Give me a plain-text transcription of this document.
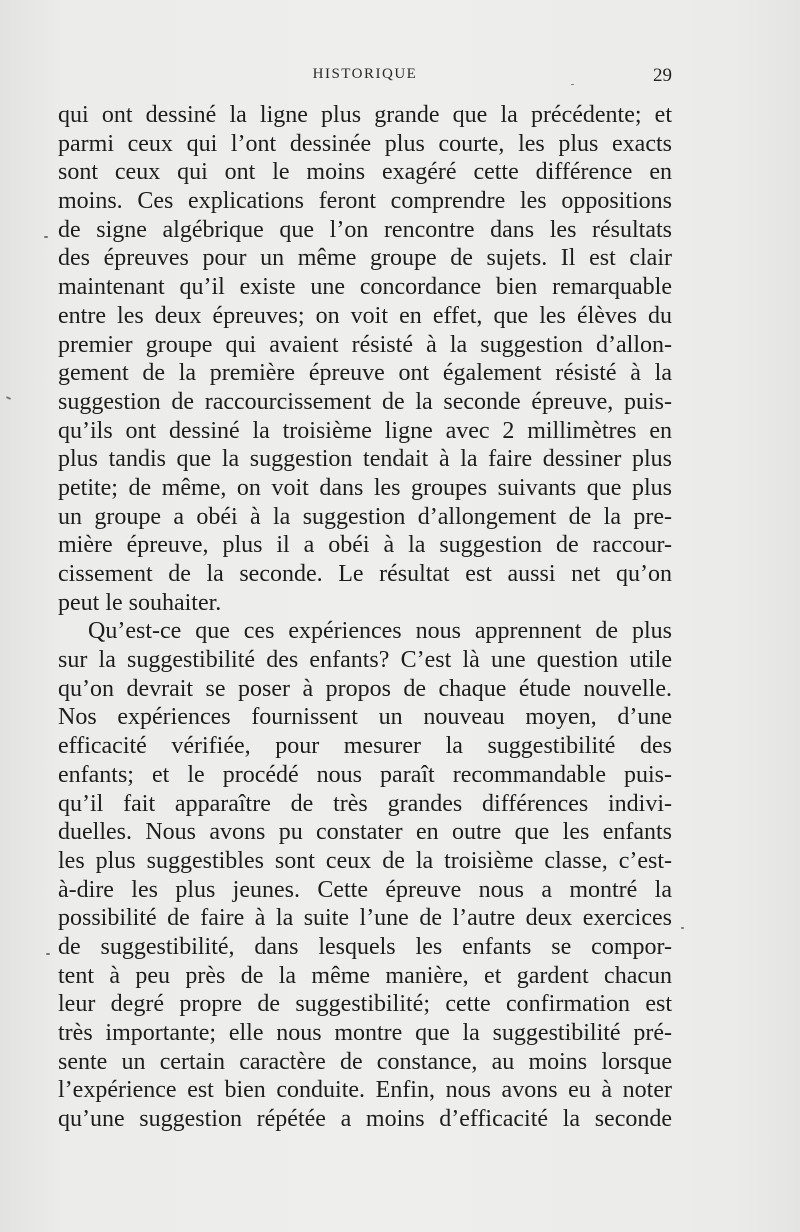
HISTORIQUE	29
qui ont dessiné la ligne plus grande que la précédente; et
parmi ceux qui l’ont dessinée plus courte, les plus exacts
sont ceux qui ont le moins exagéré cette différence en
moins. Ces explications feront comprendre les oppositions
de signe algébrique que l’on rencontre dans les résultats
des épreuves pour un même groupe de sujets. Il est clair
maintenant qu’il existe une concordance bien remarquable
entre les deux épreuves; on voit en effet, que les élèves du
premier groupe qui avaient résisté à la suggestion d’allon-
gement de la première épreuve ont également résisté à la
suggestion de raccourcissement de la seconde épreuve, puis-
qu’ils ont dessiné la troisième ligne avec 2 millimètres en
plus tandis que la suggestion tendait à la faire dessiner plus
petite; de même, on voit dans les groupes suivants que plus
un groupe a obéi à la suggestion d’allongement de la pre-
mière épreuve, plus il a obéi à la suggestion de raccour-
cissement de la seconde. Le résultat est aussi net qu’on
peut le souhaiter.
Qu’est-ce que ces expériences nous apprennent de plus
sur la suggestibilité des enfants? C’est là une question utile
qu’on devrait se poser à propos de chaque étude nouvelle.
Nos expériences fournissent un nouveau moyen, d’une
efficacité vérifiée, pour mesurer la suggestibilité des
enfants; et le procédé nous paraît recommandable puis-
qu’il fait apparaître de très grandes différences indivi-
duelles. Nous avons pu constater en outre que les enfants
les plus suggestibles sont ceux de la troisième classe, c’est-
à-dire les plus jeunes. Cette épreuve nous a montré la
possibilité de faire à la suite l’une de l’autre deux exercices
de suggestibilité, dans lesquels les enfants se compor-
tent à peu près de la même manière, et gardent chacun
leur degré propre de suggestibilité; cette confirmation est
très importante; elle nous montre que la suggestibilité pré-
sente un certain caractère de constance, au moins lorsque
l’expérience est bien conduite. Enfin, nous avons eu à noter
qu’une suggestion répétée a moins d’efficacité la seconde
